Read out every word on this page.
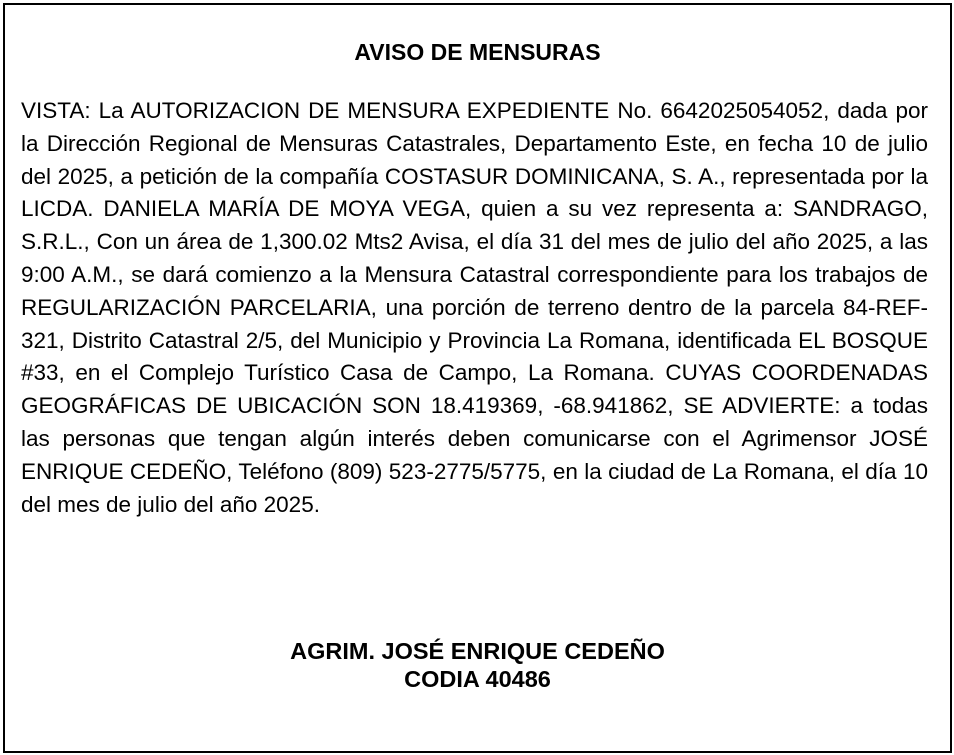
AVISO DE MENSURAS

VISTA: La AUTORIZACION DE MENSURA EXPEDIENTE No. 6642025054052, dada por la Dirección Regional de Mensuras Catastrales, Departamento Este, en fecha 10 de julio del 2025, a petición de la compañía COSTASUR DOMINICANA, S. A., representada por la LICDA. DANIELA MARÍA DE MOYA VEGA, quien a su vez representa a: SANDRAGO, S.R.L., Con un área de 1,300.02 Mts2 Avisa, el día 31 del mes de julio del año 2025, a las 9:00 A.M., se dará comienzo a la Mensura Catastral correspondiente para los trabajos de REGULARIZACIÓN PARCELARIA, una porción de terreno dentro de la parcela 84-REF-321, Distrito Catastral 2/5, del Municipio y Provincia La Romana, identificada EL BOSQUE #33, en el Complejo Turístico Casa de Campo, La Romana. CUYAS COORDENADAS GEOGRÁFICAS DE UBICACIÓN SON 18.419369, -68.941862, SE ADVIERTE: a todas las personas que tengan algún interés deben comunicarse con el Agrimensor JOSÉ ENRIQUE CEDEÑO, Teléfono (809) 523-2775/5775, en la ciudad de La Romana, el día 10 del mes de julio del año 2025.

AGRIM. JOSÉ ENRIQUE CEDEÑO
CODIA 40486
